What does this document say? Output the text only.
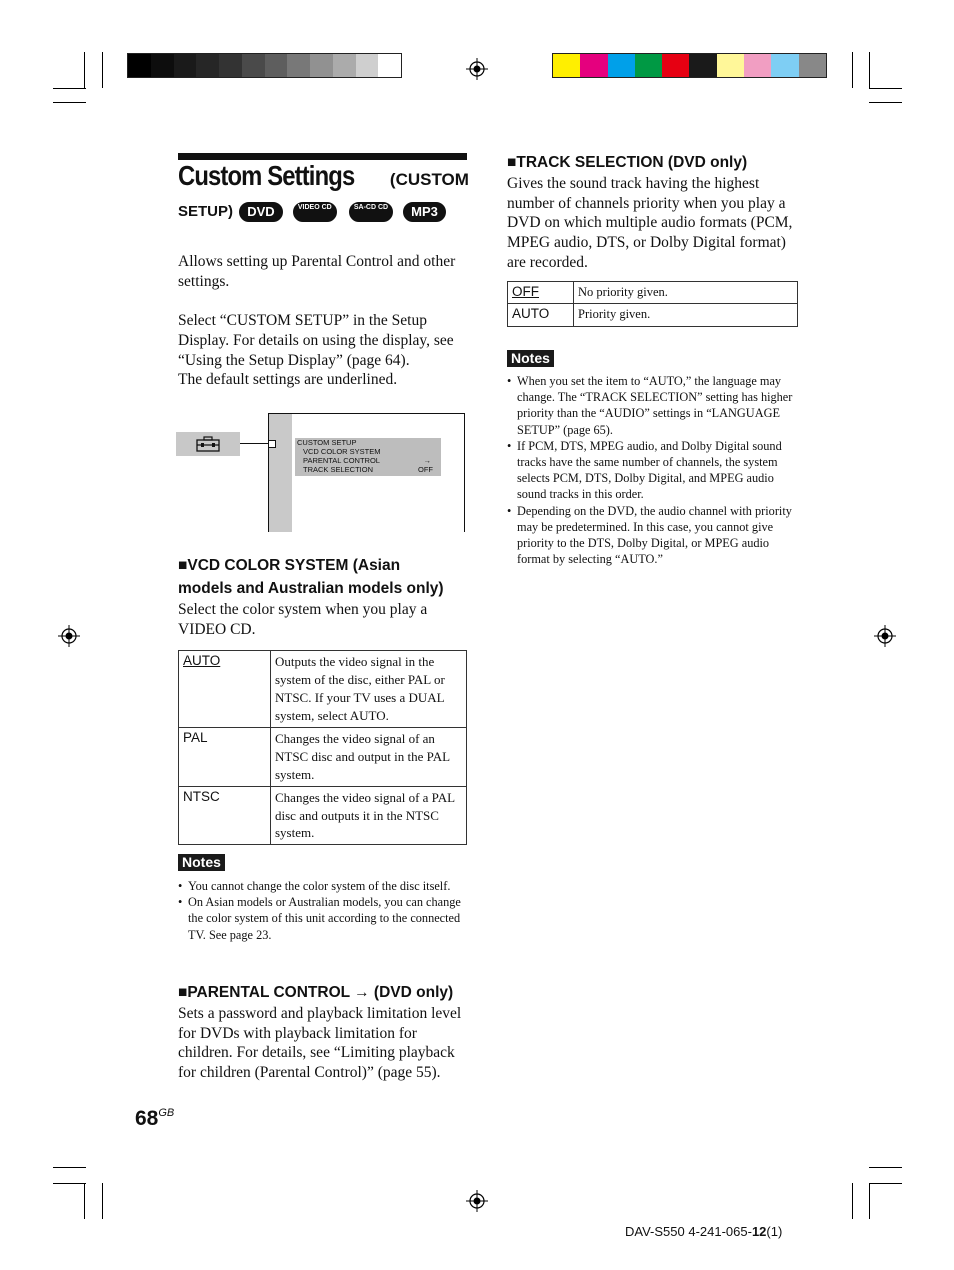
Custom Settings (CUSTOM
SETUP) DVD	VIDEO CD	SA-CD CD MP3
Allows setting up Parental Control and other settings.
Select “CUSTOM SETUP” in the Setup Display. For details on using the display, see “Using the Setup Display” (page 64).
The default settings are underlined.
CUSTOM SETUP
VCD COLOR SYSTEM
PARENTAL CONTROL	→
TRACK SELECTION	OFF
■VCD COLOR SYSTEM (Asian
models and Australian models only)
Select the color system when you play a VIDEO CD.
AUTO	Outputs the video signal in the system of the disc, either PAL or NTSC. If your TV uses a DUAL system, select AUTO.
PAL	Changes the video signal of an NTSC disc and output in the PAL system.
NTSC	Changes the video signal of a PAL disc and outputs it in the NTSC system.
Notes
• You cannot change the color system of the disc itself.
• On Asian models or Australian models, you can change the color system of this unit according to the connected TV. See page 23.
■PARENTAL CONTROL → (DVD only)
Sets a password and playback limitation level for DVDs with playback limitation for children. For details, see “Limiting playback for children (Parental Control)” (page 55).
■TRACK SELECTION (DVD only)
Gives the sound track having the highest number of channels priority when you play a DVD on which multiple audio formats (PCM, MPEG audio, DTS, or Dolby Digital format) are recorded.
OFF	No priority given.
AUTO	Priority given.
Notes
• When you set the item to “AUTO,” the language may change. The “TRACK SELECTION” setting has higher priority than the “AUDIO” settings in “LANGUAGE SETUP” (page 65).
• If PCM, DTS, MPEG audio, and Dolby Digital sound tracks have the same number of channels, the system selects PCM, DTS, Dolby Digital, and MPEG audio sound tracks in this order.
• Depending on the DVD, the audio channel with priority may be predetermined. In this case, you cannot give priority to the DTS, Dolby Digital, or MPEG audio format by selecting “AUTO.”
$68^{GB}$
DAV-S550 4-241-065-12(1)
